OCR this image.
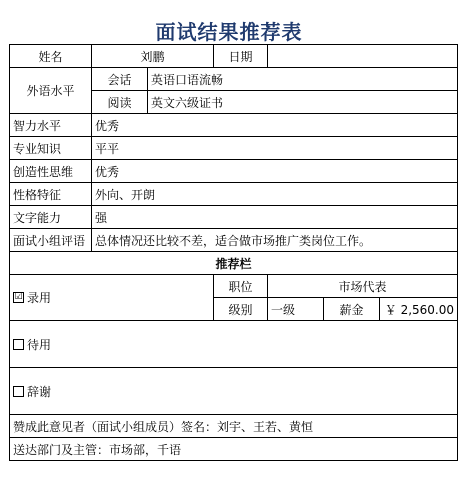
面试结果推荐表
姓名	刘鹏		日期			
外语水平	会话	英语口语流畅				
	阅读	英文六级证书				
智力水平	优秀					
专业知识	平平					
创造性思维	优秀					
性格特征	外向、开朗					
文字能力	强					
面试小组评语	总体情况还比较不差，适合做市场推广类岗位工作。					
推荐栏						
☑ 录用			职位	市场代表		
			级别	一级	薪金	￥ 2,560.00
待用						
辞谢						
赞成此意见者（面试小组成员）签名：刘宇、王若、黄恒						
送达部门及主管：市场部，千语						
